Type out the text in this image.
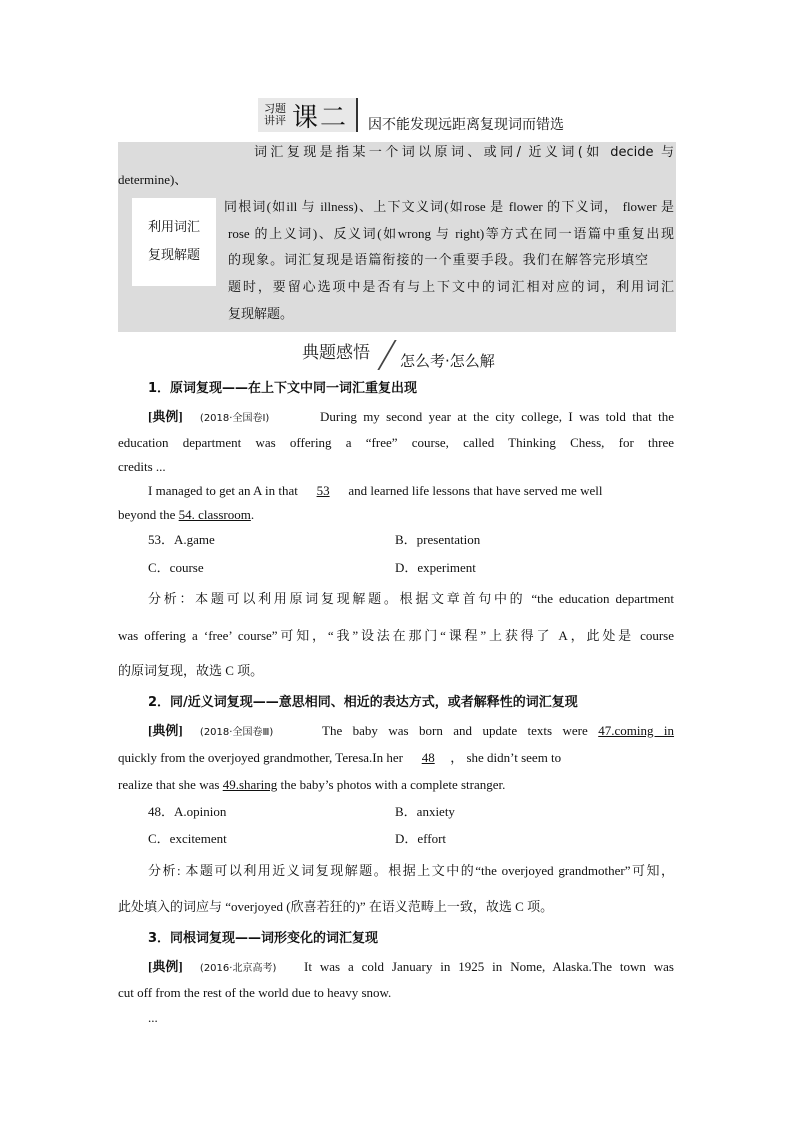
习题
讲评 课二 因不能发现远距离复现词而错选
利用词汇
复现解题
词汇复现是指某一个词以原词、或同/ 近义词(如 decide 与
determine)、
同根词(如ill 与 illness)、上下文义词(如rose 是 flower 的下义词， flower 是
rose 的上义词)、反义词(如wrong 与 right)等方式在同一语篇中重复出现
的现象。词汇复现是语篇衔接的一个重要手段。我们在解答完形填空
题时，要留心选项中是否有与上下文中的词汇相对应的词，利用词汇
复现解题。
典题感悟 怎么考·怎么解
1．原词复现——在上下文中同一词汇重复出现
[典例] (2018·全国卷Ⅰ)	During my second year at the city college, I was told that the
education department was offering a “free” course, called Thinking Chess, for three
credits ...
I managed to get an A in that 53 and learned life lessons that have served me well
beyond the 54. classroom.
53．A.game	B．presentation
C．course	D．experiment
分析：本题可以利用原词复现解题。根据文章首句中的 “the education department
was offering a ‘free’ course”可知，“我”设法在那门“课程”上获得了 A，此处是 course
的原词复现，故选 C 项。
2．同/近义词复现——意思相同、相近的表达方式，或者解释性的词汇复现
[典例] (2018·全国卷Ⅲ)	The baby was born and update texts were 47.coming in
quickly from the overjoyed grandmother, Teresa.In her 48 ， she didn’t seem to
realize that she was 49.sharing the baby’s photos with a complete stranger.
48．A.opinion	B．anxiety
C．excitement	D．effort
分析: 本题可以利用近义词复现解题。根据上文中的“the overjoyed grandmother”可知，
此处填入的词应与 “overjoyed (欣喜若狂的)” 在语义范畴上一致，故选 C 项。
3．同根词复现——词形变化的词汇复现
[典例] (2016·北京高考) It was a cold January in 1925 in Nome, Alaska.The town was
cut off from the rest of the world due to heavy snow.
...
